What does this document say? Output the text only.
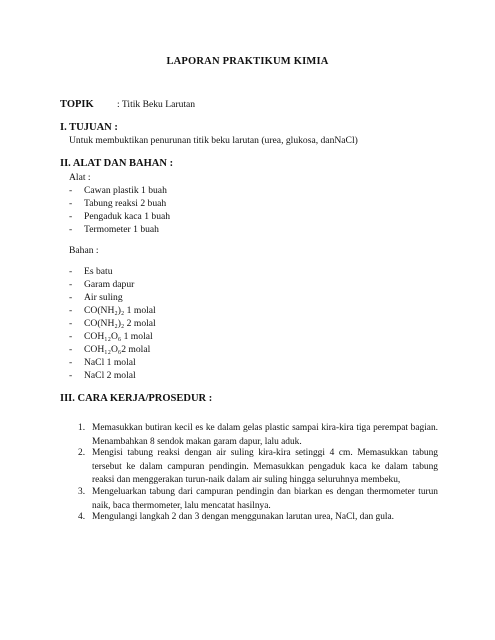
LAPORAN PRAKTIKUM KIMIA
TOPIK : Titik Beku Larutan
I. TUJUAN :
Untuk membuktikan penurunan titik beku larutan (urea, glukosa, danNaCl)
II. ALAT DAN BAHAN :
Alat :
- Cawan plastik 1 buah
- Tabung reaksi 2 buah
- Pengaduk kaca 1 buah
- Termometer 1 buah
Bahan :
- Es batu
- Garam dapur
- Air suling
- CO(NH₂)₂ 1 molal
- CO(NH₂)₂ 2 molal
- COH₁₂O₆ 1 molal
- COH₁₂O₆2 molal
- NaCl 1 molal
- NaCl 2 molal
III. CARA KERJA/PROSEDUR :
1. Memasukkan butiran kecil es ke dalam gelas plastic sampai kira-kira tiga perempat bagian. Menambahkan 8 sendok makan garam dapur, lalu aduk.
2. Mengisi tabung reaksi dengan air suling kira-kira setinggi 4 cm. Memasukkan tabung tersebut ke dalam campuran pendingin. Memasukkan pengaduk kaca ke dalam tabung reaksi dan menggerakan turun-naik dalam air suling hingga seluruhnya membeku,
3. Mengeluarkan tabung dari campuran pendingin dan biarkan es dengan thermometer turun naik, baca thermometer, lalu mencatat hasilnya.
4. Mengulangi langkah 2 dan 3 dengan menggunakan larutan urea, NaCl, dan gula.
